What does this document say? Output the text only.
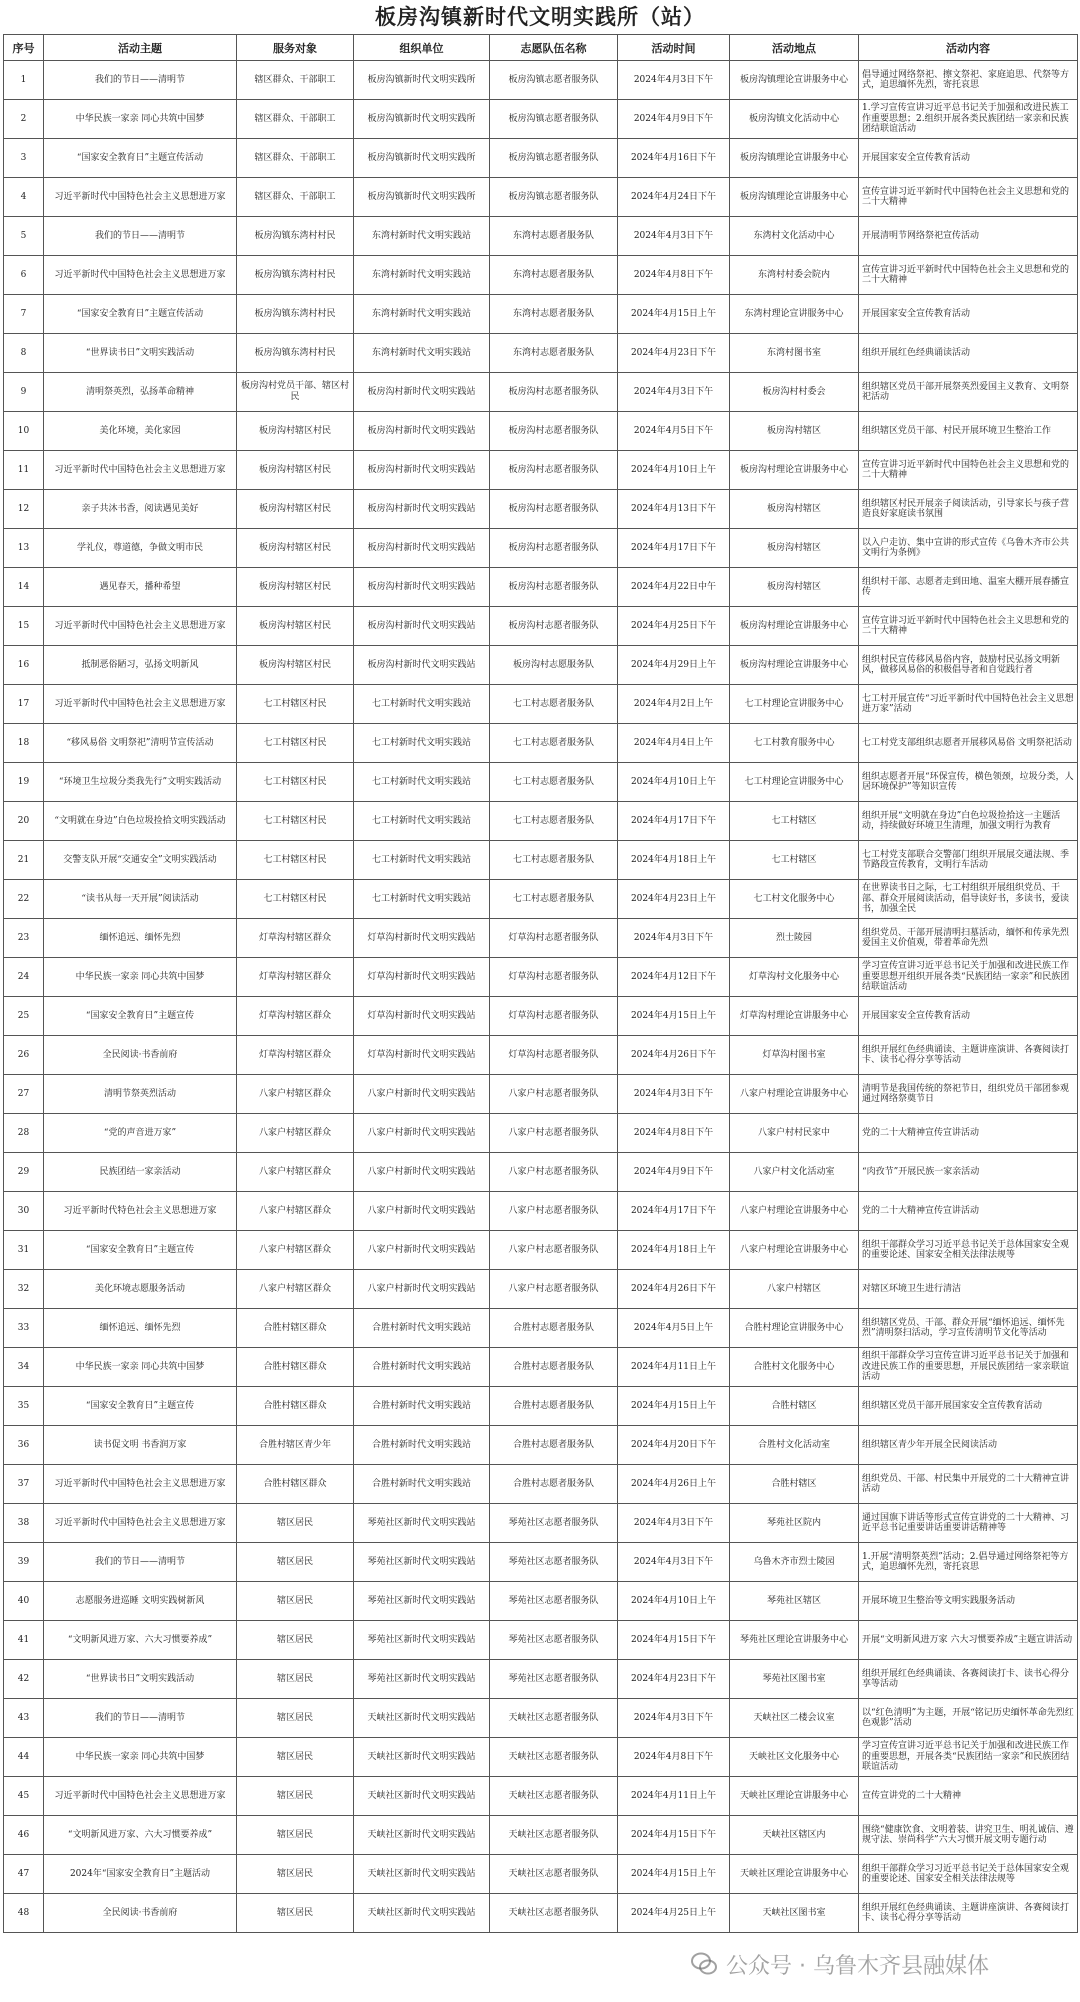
板房沟镇新时代文明实践所（站）
序号	活动主题	服务对象	组织单位	志愿队伍名称	活动时间	活动地点	活动内容
1	我们的节日——清明节	辖区群众、干部职工	板房沟镇新时代文明实践所	板房沟镇志愿者服务队	2024年4月3日下午	板房沟镇理论宣讲服务中心	倡导通过网络祭祀、擦文祭祀、家庭追思、代祭等方式，追思缅怀先烈，寄托哀思
2	中华民族一家亲 同心共筑中国梦	辖区群众、干部职工	板房沟镇新时代文明实践所	板房沟镇志愿者服务队	2024年4月9日下午	板房沟镇文化活动中心	1.学习宣传宣讲习近平总书记关于加强和改进民族工作重要思想；2.组织开展各类民族团结一家亲和民族团结联谊活动
3	“国家安全教育日”主题宣传活动	辖区群众、干部职工	板房沟镇新时代文明实践所	板房沟镇志愿者服务队	2024年4月16日下午	板房沟镇理论宣讲服务中心	开展国家安全宣传教育活动
4	习近平新时代中国特色社会主义思想进万家	辖区群众、干部职工	板房沟镇新时代文明实践所	板房沟镇志愿者服务队	2024年4月24日下午	板房沟镇理论宣讲服务中心	宣传宣讲习近平新时代中国特色社会主义思想和党的二十大精神
5	我们的节日——清明节	板房沟镇东湾村村民	东湾村新时代文明实践站	东湾村志愿者服务队	2024年4月3日下午	东湾村文化活动中心	开展清明节网络祭祀宣传活动
6	习近平新时代中国特色社会主义思想进万家	板房沟镇东湾村村民	东湾村新时代文明实践站	东湾村志愿者服务队	2024年4月8日下午	东湾村村委会院内	宣传宣讲习近平新时代中国特色社会主义思想和党的二十大精神
7	“国家安全教育日”主题宣传活动	板房沟镇东湾村村民	东湾村新时代文明实践站	东湾村志愿者服务队	2024年4月15日上午	东湾村理论宣讲服务中心	开展国家安全宣传教育活动
8	“世界读书日”文明实践活动	板房沟镇东湾村村民	东湾村新时代文明实践站	东湾村志愿者服务队	2024年4月23日下午	东湾村图书室	组织开展红色经典诵读活动
9	清明祭英烈，弘扬革命精神	板房沟村党员干部、辖区村民	板房沟村新时代文明实践站	板房沟村志愿者服务队	2024年4月3日下午	板房沟村村委会	组织辖区党员干部开展祭英烈爱国主义教育、文明祭祀活动
10	美化环境，美化家园	板房沟村辖区村民	板房沟村新时代文明实践站	板房沟村志愿者服务队	2024年4月5日下午	板房沟村辖区	组织辖区党员干部、村民开展环境卫生整治工作
11	习近平新时代中国特色社会主义思想进万家	板房沟村辖区村民	板房沟村新时代文明实践站	板房沟村志愿者服务队	2024年4月10日上午	板房沟村理论宣讲服务中心	宣传宣讲习近平新时代中国特色社会主义思想和党的二十大精神
12	亲子共沐书香，阅读遇见美好	板房沟村辖区村民	板房沟村新时代文明实践站	板房沟村志愿者服务队	2024年4月13日下午	板房沟村辖区	组织辖区村民开展亲子阅读活动，引导家长与孩子营造良好家庭读书氛围
13	学礼仪，尊道德，争做文明市民	板房沟村辖区村民	板房沟村新时代文明实践站	板房沟村志愿者服务队	2024年4月17日下午	板房沟村辖区	以入户走访、集中宣讲的形式宣传《乌鲁木齐市公共文明行为条例》
14	遇见春天，播种希望	板房沟村辖区村民	板房沟村新时代文明实践站	板房沟村志愿者服务队	2024年4月22日中午	板房沟村辖区	组织村干部、志愿者走到田地、温室大棚开展春播宣传
15	习近平新时代中国特色社会主义思想进万家	板房沟村辖区村民	板房沟村新时代文明实践站	板房沟村志愿者服务队	2024年4月25日下午	板房沟村理论宣讲服务中心	宣传宣讲习近平新时代中国特色社会主义思想和党的二十大精神
16	抵制恶俗陋习，弘扬文明新风	板房沟村辖区村民	板房沟村新时代文明实践站	板房沟村志愿服务队	2024年4月29日上午	板房沟村理论宣讲服务中心	组织村民宣传移风易俗内容，鼓励村民弘扬文明新风，做移风易俗的积极倡导者和自觉践行者
17	习近平新时代中国特色社会主义思想进万家	七工村辖区村民	七工村新时代文明实践站	七工村志愿者服务队	2024年4月2日上午	七工村理论宣讲服务中心	七工村开展宣传“习近平新时代中国特色社会主义思想进万家”活动
18	“移风易俗 文明祭祀”清明节宣传活动	七工村辖区村民	七工村新时代文明实践站	七工村志愿者服务队	2024年4月4日上午	七工村教育服务中心	七工村党支部组织志愿者开展移风易俗 文明祭祀活动
19	“环境卫生垃圾分类我先行”文明实践活动	七工村辖区村民	七工村新时代文明实践站	七工村志愿者服务队	2024年4月10日上午	七工村理论宣讲服务中心	组织志愿者开展“环保宣传，横色领颈，垃圾分类，人居环境保护”等知识宣传
20	“文明就在身边”白色垃圾捡拾文明实践活动	七工村辖区村民	七工村新时代文明实践站	七工村志愿者服务队	2024年4月17日下午	七工村辖区	组织开展“文明就在身边”白色垃圾捡拾这一主题活动，持续做好环境卫生清理，加强文明行为教育
21	交警支队开展“交通安全”文明实践活动	七工村辖区村民	七工村新时代文明实践站	七工村志愿者服务队	2024年4月18日上午	七工村辖区	七工村党支部联合交警部门组织开展展交通法规、季节路段宣传教育，文明行车活动
22	“读书从每一天开展”阅读活动	七工村辖区村民	七工村新时代文明实践站	七工村志愿者服务队	2024年4月23日上午	七工村文化服务中心	在世界读书日之际，七工村组织开展组织党员、干部、群众开展阅读活动，倡导读好书，多读书，爱读书，加强全民
23	缅怀追远、缅怀先烈	灯草沟村辖区群众	灯草沟村新时代文明实践站	灯草沟村志愿者服务队	2024年4月3日下午	烈士陵园	组织党员、干部开展清明扫墓活动，缅怀和传承先烈爱国主义价值观，带着革命先烈
24	中华民族一家亲 同心共筑中国梦	灯草沟村辖区群众	灯草沟村新时代文明实践站	灯草沟村志愿者服务队	2024年4月12日下午	灯草沟村文化服务中心	学习宣传宣讲习近平总书记关于加强和改进民族工作重要思想开组织开展各类“民族团结一家亲”和民族团结联谊活动
25	“国家安全教育日”主题宣传	灯草沟村辖区群众	灯草沟村新时代文明实践站	灯草沟村志愿者服务队	2024年4月15日上午	灯草沟村理论宣讲服务中心	开展国家安全宣传教育活动
26	全民阅读·书香前府	灯草沟村辖区群众	灯草沟村新时代文明实践站	灯草沟村志愿者服务队	2024年4月26日下午	灯草沟村图书室	组织开展红色经典诵读、主题讲座演讲、各赛阅读打卡、读书心得分享等活动
27	清明节祭英烈活动	八家户村辖区群众	八家户村新时代文明实践站	八家户村志愿者服务队	2024年4月3日下午	八家户村理论宣讲服务中心	清明节是我国传统的祭祀节日，组织党员干部团参观通过网络祭奠节日
28	“党的声音进万家”	八家户村辖区群众	八家户村新时代文明实践站	八家户村志愿者服务队	2024年4月8日下午	八家户村村民家中	党的二十大精神宣传宣讲活动
29	民族团结一家亲活动	八家户村辖区群众	八家户村新时代文明实践站	八家户村志愿者服务队	2024年4月9日下午	八家户村文化活动室	“肉孜节”开展民族一家亲活动
30	习近平新时代特色社会主义思想进万家	八家户村辖区群众	八家户村新时代文明实践站	八家户村志愿者服务队	2024年4月17日下午	八家户村理论宣讲服务中心	党的二十大精神宣传宣讲活动
31	“国家安全教育日”主题宣传	八家户村辖区群众	八家户村新时代文明实践站	八家户村志愿者服务队	2024年4月18日上午	八家户村理论宣讲服务中心	组织干部群众学习习近平总书记关于总体国家安全观的重要论述、国家安全相关法律法规等
32	美化环境志愿服务活动	八家户村辖区群众	八家户村新时代文明实践站	八家户村志愿者服务队	2024年4月26日下午	八家户村辖区	对辖区环境卫生进行清洁
33	缅怀追远、缅怀先烈	合胜村辖区群众	合胜村新时代文明实践站	合胜村志愿者服务队	2024年4月5日上午	合胜村理论宣讲服务中心	组织辖区党员、干部、群众开展“缅怀追远、缅怀先烈”清明祭扫活动，学习宣传清明节文化等活动
34	中华民族一家亲 同心共筑中国梦	合胜村辖区群众	合胜村新时代文明实践站	合胜村志愿者服务队	2024年4月11日上午	合胜村文化服务中心	组织干部群众学习宣传宣讲习近平总书记关于加强和改进民族工作的重要思想，开展民族团结一家亲联谊活动
35	“国家安全教育日”主题宣传	合胜村辖区群众	合胜村新时代文明实践站	合胜村志愿者服务队	2024年4月15日上午	合胜村辖区	组织辖区党员干部开展国家安全宣传教育活动
36	读书促文明 书香润万家	合胜村辖区青少年	合胜村新时代文明实践站	合胜村志愿者服务队	2024年4月20日下午	合胜村文化活动室	组织辖区青少年开展全民阅读活动
37	习近平新时代中国特色社会主义思想进万家	合胜村辖区群众	合胜村新时代文明实践站	合胜村志愿者服务队	2024年4月26日上午	合胜村辖区	组织党员、干部、村民集中开展党的二十大精神宣讲活动
38	习近平新时代中国特色社会主义思想进万家	辖区居民	琴苑社区新时代文明实践站	琴苑社区志愿者服务队	2024年4月3日下午	琴苑社区院内	通过国旗下讲话等形式宣传宣讲党的二十大精神、习近平总书记重要讲话重要讲话精神等
39	我们的节日——清明节	辖区居民	琴苑社区新时代文明实践站	琴苑社区志愿者服务队	2024年4月3日下午	乌鲁木齐市烈士陵园	1.开展“清明祭英烈”活动；2.倡导通过网络祭祀等方式，追思缅怀先烈，寄托哀思
40	志愿服务进巡睡 文明实践树新风	辖区居民	琴苑社区新时代文明实践站	琴苑社区志愿者服务队	2024年4月10日上午	琴苑社区辖区	开展环境卫生整治等文明实践服务活动
41	“文明新风进万家、六大习惯要养成”	辖区居民	琴苑社区新时代文明实践站	琴苑社区志愿者服务队	2024年4月15日下午	琴苑社区理论宣讲服务中心	开展“文明新风进万家 六大习惯要养成”主题宣讲活动
42	“世界读书日”文明实践活动	辖区居民	琴苑社区新时代文明实践站	琴苑社区志愿者服务队	2024年4月23日下午	琴苑社区图书室	组织开展红色经典诵读、各赛阅读打卡、读书心得分享等活动
43	我们的节日——清明节	辖区居民	天峡社区新时代文明实践站	天峡社区志愿者服务队	2024年4月3日下午	天峡社区二楼会议室	以“红色清明”为主题，开展“铭记历史缅怀革命先烈红色观影”活动
44	中华民族一家亲 同心共筑中国梦	辖区居民	天峡社区新时代文明实践站	天峡社区志愿者服务队	2024年4月8日下午	天峡社区文化服务中心	学习宣传宣讲习近平总书记关于加强和改进民族工作的重要思想，开展各类“民族团结一家亲”和民族团结联谊活动
45	习近平新时代中国特色社会主义思想进万家	辖区居民	天峡社区新时代文明实践站	天峡社区志愿者服务队	2024年4月11日上午	天峡社区理论宣讲服务中心	宣传宣讲党的二十大精神
46	“文明新风进万家、六大习惯要养成”	辖区居民	天峡社区新时代文明实践站	天峡社区志愿者服务队	2024年4月15日下午	天峡社区辖区内	围绕“健康饮食、文明着装、讲究卫生、明礼诚信、遵规守法、崇尚科学”六大习惯开展文明专题行动
47	2024年“国家安全教育日”主题活动	辖区居民	天峡社区新时代文明实践站	天峡社区志愿者服务队	2024年4月15日上午	天峡社区理论宣讲服务中心	组织干部群众学习习近平总书记关于总体国家安全观的重要论述、国家安全相关法律法规等
48	全民阅读·书香前府	辖区居民	天峡社区新时代文明实践站	天峡社区志愿者服务队	2024年4月25日上午	天峡社区图书室	组织开展红色经典诵读、主题讲座演讲、各赛阅读打卡、读书心得分享等活动
公众号 · 乌鲁木齐县融媒体
